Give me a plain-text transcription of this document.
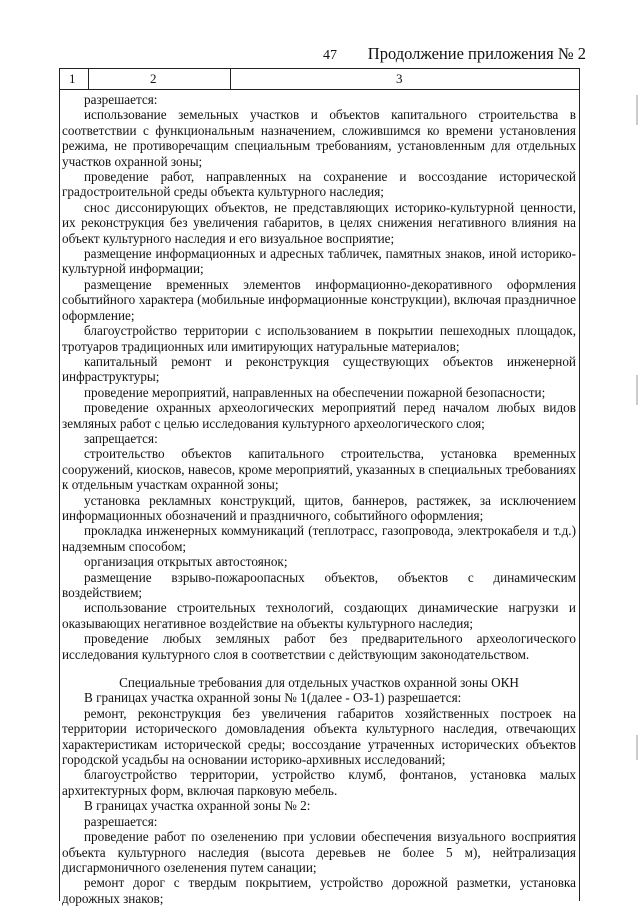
47 Продолжение приложения № 2
1	2	3

разрешается:

использование земельных участков и объектов капитального строительства в соответствии с функциональным назначением, сложившимся ко времени установления режима, не противоречащим специальным требованиям, установленным для отдельных участков охранной зоны;

проведение работ, направленных на сохранение и воссоздание исторической градостроительной среды объекта культурного наследия;

снос диссонирующих объектов, не представляющих историко-культурной ценности, их реконструкция без увеличения габаритов, в целях снижения негативного влияния на объект культурного наследия и его визуальное восприятие;

размещение информационных и адресных табличек, памятных знаков, иной историко-культурной информации;

размещение временных элементов информационно-декоративного оформления событийного характера (мобильные информационные конструкции), включая праздничное оформление;

благоустройство территории с использованием в покрытии пешеходных площадок, тротуаров традиционных или имитирующих натуральные материалов;

капитальный ремонт и реконструкция существующих объектов инженерной инфраструктуры;

проведение мероприятий, направленных на обеспечении пожарной безопасности;

проведение охранных археологических мероприятий перед началом любых видов земляных работ с целью исследования культурного археологического слоя;

запрещается:

строительство объектов капитального строительства, установка временных сооружений, киосков, навесов, кроме мероприятий, указанных в специальных требованиях к отдельным участкам охранной зоны;

установка рекламных конструкций, щитов, баннеров, растяжек, за исключением информационных обозначений и праздничного, событийного оформления;

прокладка инженерных коммуникаций (теплотрасс, газопровода, электрокабеля и т.д.) надземным способом;

организация открытых автостоянок;

размещение взрыво-пожароопасных объектов, объектов с динамическим воздействием;

использование строительных технологий, создающих динамические нагрузки и оказывающих негативное воздействие на объекты культурного наследия;

проведение любых земляных работ без предварительного археологического исследования культурного слоя в соответствии с действующим законодательством.

Специальные требования для отдельных участков охранной зоны ОКН

В границах участка охранной зоны № 1(далее - ОЗ-1) разрешается:

ремонт, реконструкция без увеличения габаритов хозяйственных построек на территории исторического домовладения объекта культурного наследия, отвечающих характеристикам исторической среды; воссоздание утраченных исторических объектов городской усадьбы на основании историко-архивных исследований;

благоустройство территории, устройство клумб, фонтанов, установка малых архитектурных форм, включая парковую мебель.

В границах участка охранной зоны № 2:

разрешается:

проведение работ по озеленению при условии обеспечения визуального восприятия объекта культурного наследия (высота деревьев не более 5 м), нейтрализация дисгармоничного озеленения путем санации;

ремонт дорог с твердым покрытием, устройство дорожной разметки, установка дорожных знаков;
